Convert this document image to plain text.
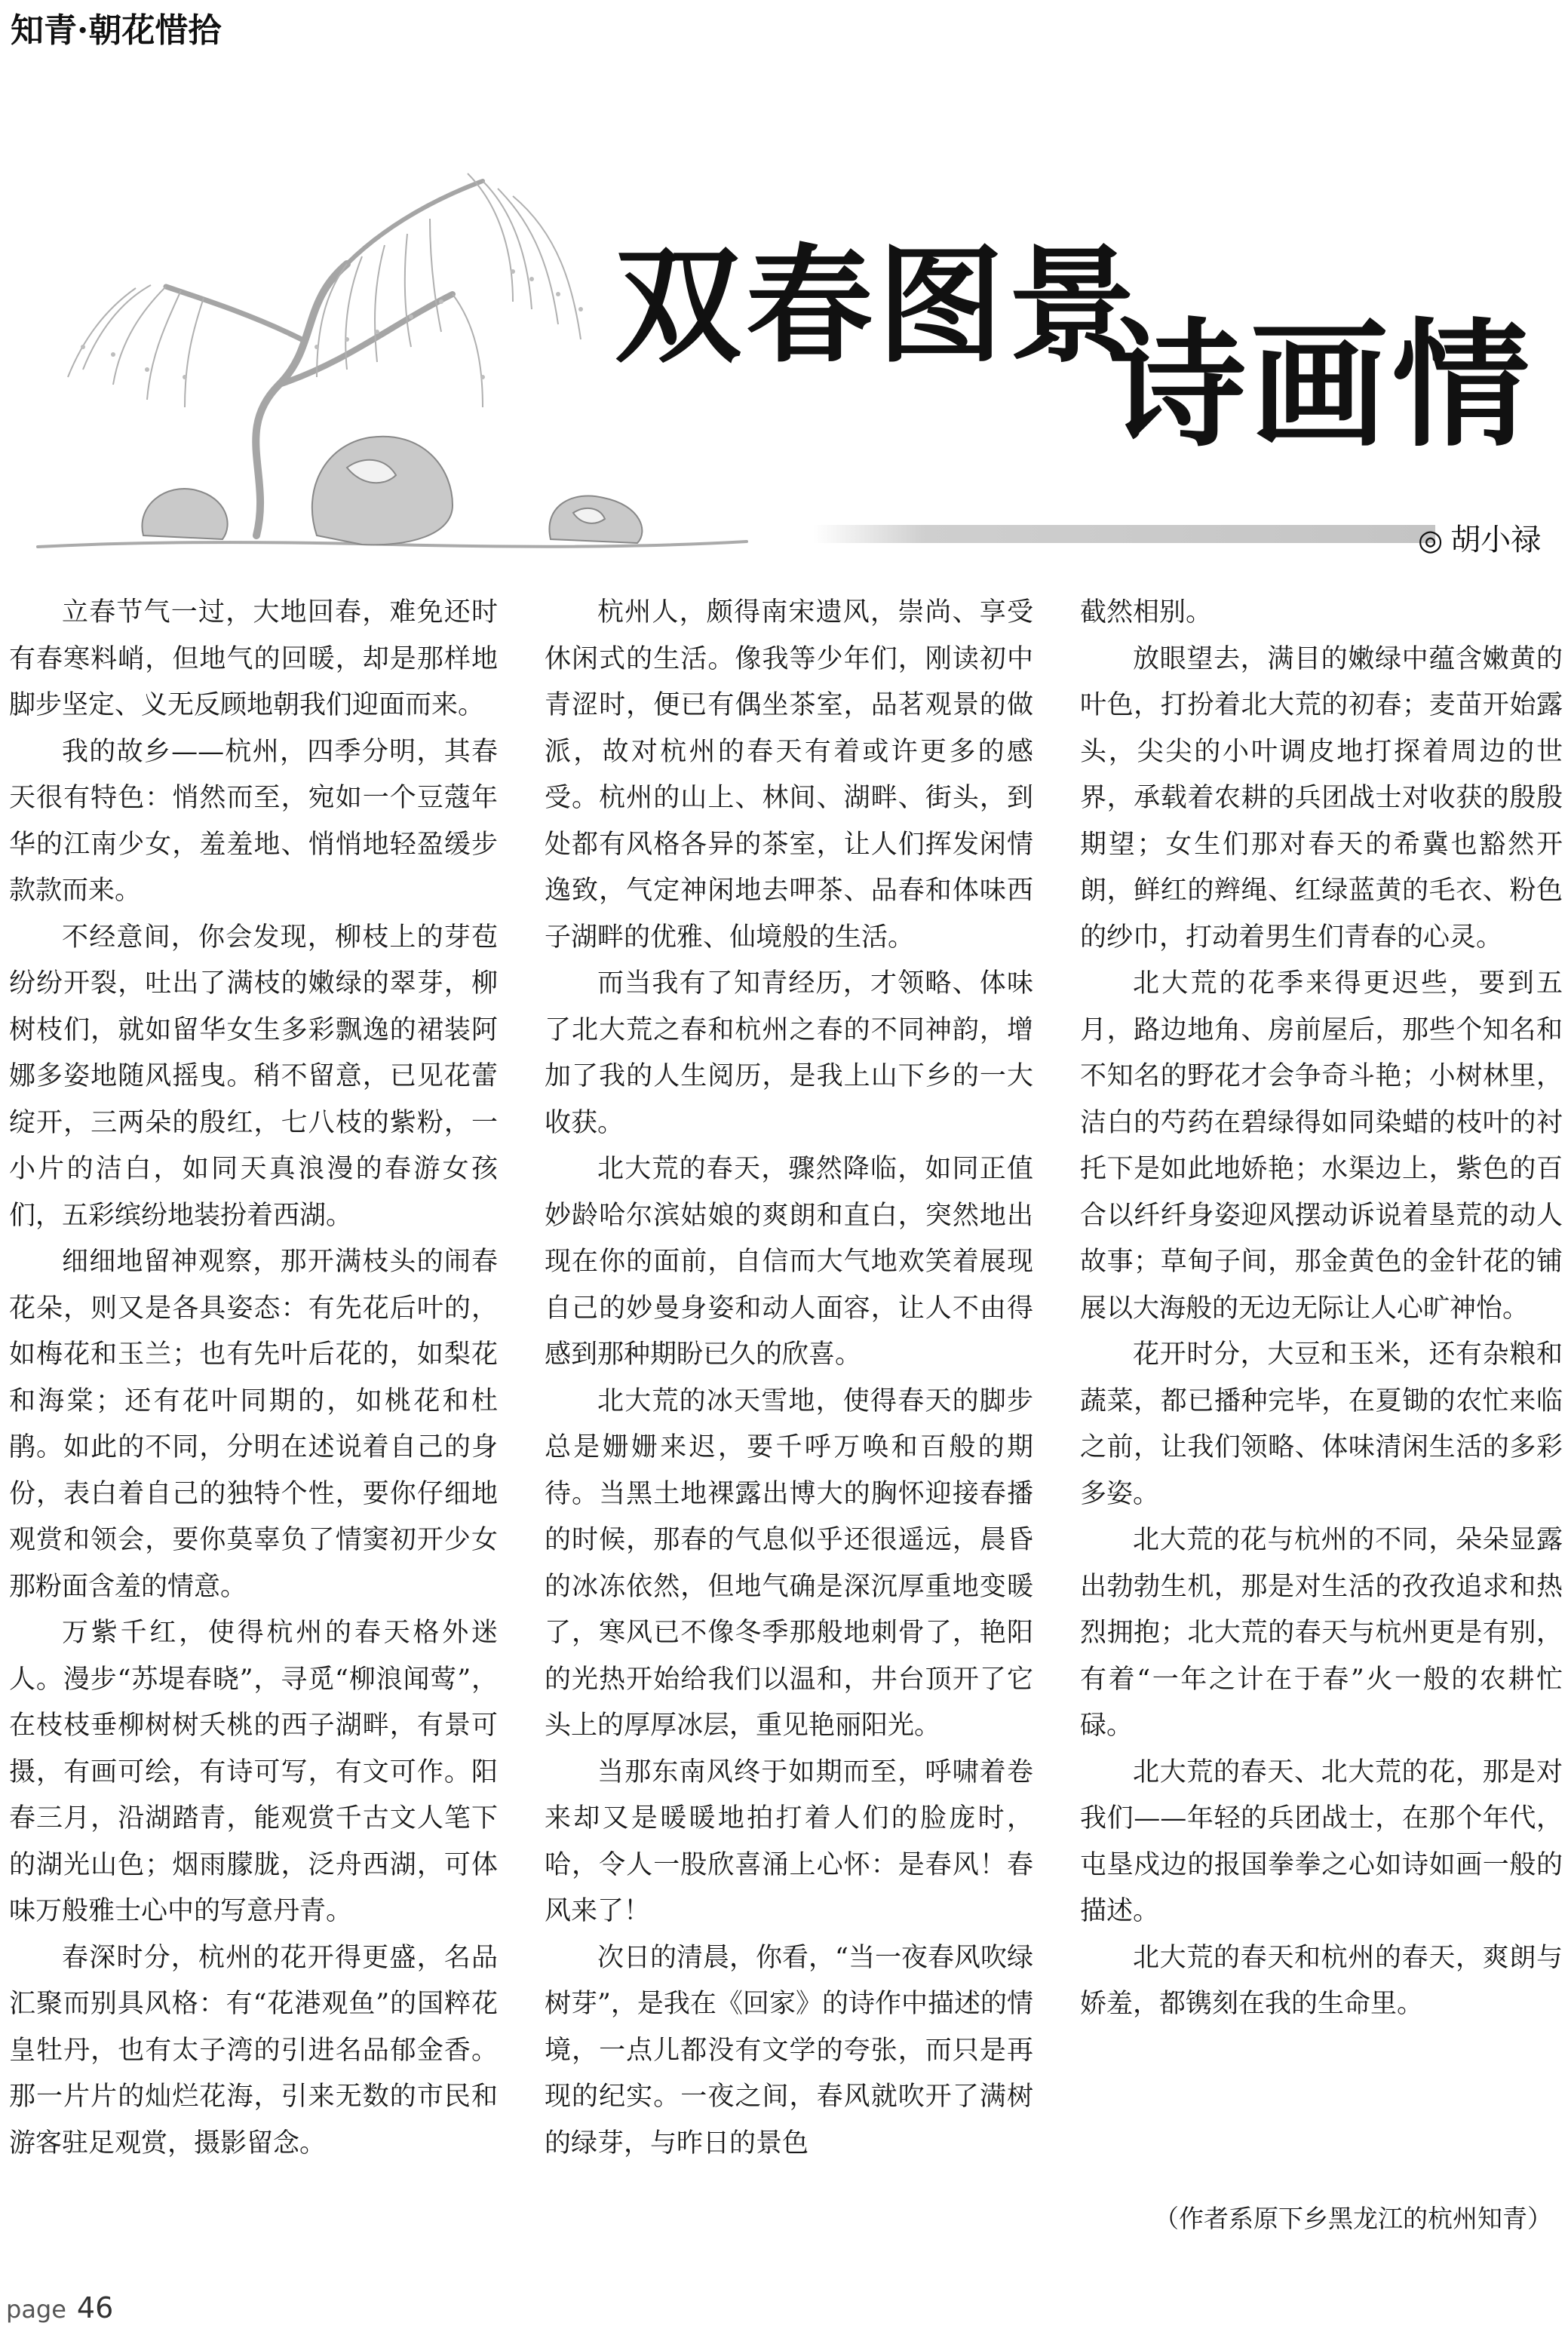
知青·朝花惜拾
双春图景
诗画情
◎ 胡小禄

立春节气一过，大地回春，难免还时有春寒料峭，但地气的回暖，却是那样地脚步坚定、义无反顾地朝我们迎面而来。

我的故乡——杭州，四季分明，其春天很有特色：悄然而至，宛如一个豆蔻年华的江南少女，羞羞地、悄悄地轻盈缓步款款而来。

不经意间，你会发现，柳枝上的芽苞纷纷开裂，吐出了满枝的嫩绿的翠芽，柳树枝们，就如留华女生多彩飘逸的裙装阿娜多姿地随风摇曳。稍不留意，已见花蕾绽开，三两朵的殷红，七八枝的紫粉，一小片的洁白，如同天真浪漫的春游女孩们，五彩缤纷地装扮着西湖。

细细地留神观察，那开满枝头的闹春花朵，则又是各具姿态：有先花后叶的，如梅花和玉兰；也有先叶后花的，如梨花和海棠；还有花叶同期的，如桃花和杜鹃。如此的不同，分明在述说着自己的身份，表白着自己的独特个性，要你仔细地观赏和领会，要你莫辜负了情窦初开少女那粉面含羞的情意。

万紫千红，使得杭州的春天格外迷人。漫步“苏堤春晓”，寻觅“柳浪闻莺”，在枝枝垂柳树树夭桃的西子湖畔，有景可摄，有画可绘，有诗可写，有文可作。阳春三月，沿湖踏青，能观赏千古文人笔下的湖光山色；烟雨朦胧，泛舟西湖，可体味万般雅士心中的写意丹青。

春深时分，杭州的花开得更盛，名品汇聚而别具风格：有“花港观鱼”的国粹花皇牡丹，也有太子湾的引进名品郁金香。那一片片的灿烂花海，引来无数的市民和游客驻足观赏，摄影留念。

杭州人，颇得南宋遗风，崇尚、享受休闲式的生活。像我等少年们，刚读初中青涩时，便已有偶坐茶室，品茗观景的做派，故对杭州的春天有着或许更多的感受。杭州的山上、林间、湖畔、街头，到处都有风格各异的茶室，让人们挥发闲情逸致，气定神闲地去呷茶、品春和体味西子湖畔的优雅、仙境般的生活。

而当我有了知青经历，才领略、体味了北大荒之春和杭州之春的不同神韵，增加了我的人生阅历，是我上山下乡的一大收获。

北大荒的春天，骤然降临，如同正值妙龄哈尔滨姑娘的爽朗和直白，突然地出现在你的面前，自信而大气地欢笑着展现自己的妙曼身姿和动人面容，让人不由得感到那种期盼已久的欣喜。

北大荒的冰天雪地，使得春天的脚步总是姗姗来迟，要千呼万唤和百般的期待。当黑土地裸露出博大的胸怀迎接春播的时候，那春的气息似乎还很遥远，晨昏的冰冻依然，但地气确是深沉厚重地变暖了，寒风已不像冬季那般地刺骨了，艳阳的光热开始给我们以温和，井台顶开了它头上的厚厚冰层，重见艳丽阳光。

当那东南风终于如期而至，呼啸着卷来却又是暖暖地拍打着人们的脸庞时，哈，令人一股欣喜涌上心怀：是春风！春风来了！

次日的清晨，你看，“当一夜春风吹绿树芽”，是我在《回家》的诗作中描述的情境，一点儿都没有文学的夸张，而只是再现的纪实。一夜之间，春风就吹开了满树的绿芽，与昨日的景色

截然相别。

放眼望去，满目的嫩绿中蕴含嫩黄的叶色，打扮着北大荒的初春；麦苗开始露头，尖尖的小叶调皮地打探着周边的世界，承载着农耕的兵团战士对收获的殷殷期望；女生们那对春天的希冀也豁然开朗，鲜红的辫绳、红绿蓝黄的毛衣、粉色的纱巾，打动着男生们青春的心灵。

北大荒的花季来得更迟些，要到五月，路边地角、房前屋后，那些个知名和不知名的野花才会争奇斗艳；小树林里，洁白的芍药在碧绿得如同染蜡的枝叶的衬托下是如此地娇艳；水渠边上，紫色的百合以纤纤身姿迎风摆动诉说着垦荒的动人故事；草甸子间，那金黄色的金针花的铺展以大海般的无边无际让人心旷神怡。

花开时分，大豆和玉米，还有杂粮和蔬菜，都已播种完毕，在夏锄的农忙来临之前，让我们领略、体味清闲生活的多彩多姿。

北大荒的花与杭州的不同，朵朵显露出勃勃生机，那是对生活的孜孜追求和热烈拥抱；北大荒的春天与杭州更是有别，有着“一年之计在于春”火一般的农耕忙碌。

北大荒的春天、北大荒的花，那是对我们——年轻的兵团战士，在那个年代，屯垦戍边的报国拳拳之心如诗如画一般的描述。

北大荒的春天和杭州的春天，爽朗与娇羞，都镌刻在我的生命里。

（作者系原下乡黑龙江的杭州知青）
page 46
